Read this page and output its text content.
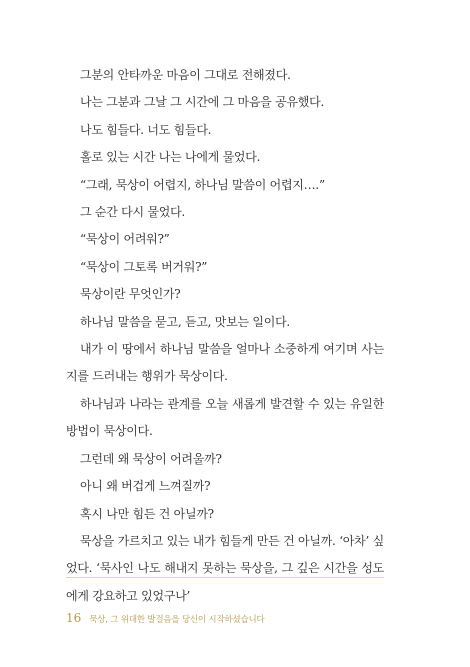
그분의 안타까운 마음이 그대로 전해졌다.

나는 그분과 그날 그 시간에 그 마음을 공유했다.

나도 힘들다. 너도 힘들다.

홀로 있는 시간 나는 나에게 물었다.

“그래, 묵상이 어렵지, 하나님 말씀이 어렵지….”

그 순간 다시 물었다.

“묵상이 어려워?”

“묵상이 그토록 버거워?”

묵상이란 무엇인가?

하나님 말씀을 묻고, 듣고, 맛보는 일이다.

내가 이 땅에서 하나님 말씀을 얼마나 소중하게 여기며 사는지를 드러내는 행위가 묵상이다.

하나님과 나라는 관계를 오늘 새롭게 발견할 수 있는 유일한 방법이 묵상이다.

그런데 왜 묵상이 어려울까?

아니 왜 버겁게 느껴질까?

혹시 나만 힘든 건 아닐까?

묵상을 가르치고 있는 내가 힘들게 만든 건 아닐까. ‘아차’ 싶었다. ‘묵사인 나도 해내지 못하는 묵상을, 그 깊은 시간을 성도에게 강요하고 있었구나’

16 묵상, 그 위대한 발걸음을 당신이 시작하셨습니다
